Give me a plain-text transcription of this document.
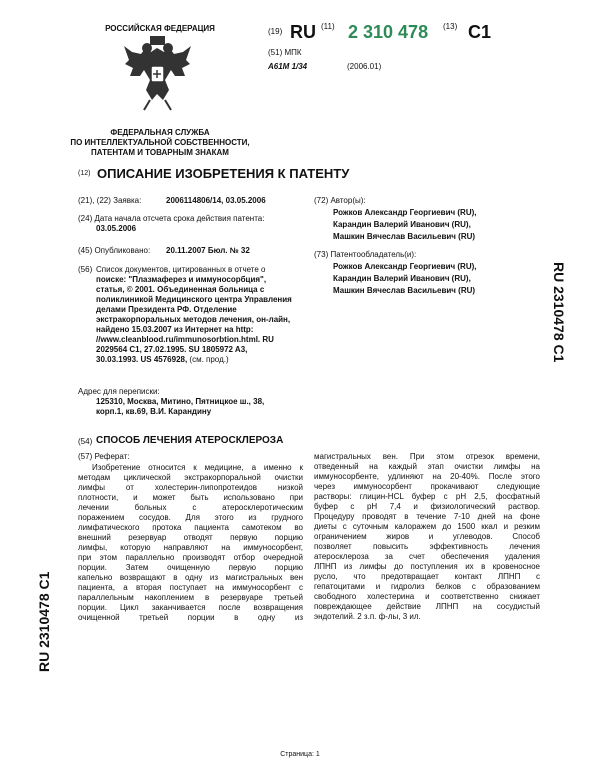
РОССИЙСКАЯ ФЕДЕРАЦИЯ	(19) RU (11) 2 310 478 (13) C1
(51) МПК
A61M 1/34	(2006.01)
ФЕДЕРАЛЬНАЯ СЛУЖБА
ПО ИНТЕЛЛЕКТУАЛЬНОЙ СОБСТВЕННОСТИ,
ПАТЕНТАМ И ТОВАРНЫМ ЗНАКАМ
(12) ОПИСАНИЕ ИЗОБРЕТЕНИЯ К ПАТЕНТУ
(21), (22) Заявка:	2006114806/14, 03.05.2006
(24) Дата начала отсчета срока действия патента:
03.05.2006
(45) Опубликовано: 20.11.2007 Бюл. № 32
(56) Список документов, цитированных в отчете о
поиске: "Плазмаферез и иммуносорбция",
статья, © 2001. Объединенная больница с
поликлиникой Медицинского центра Управления
делами Президента РФ. Отделение
экстракорпоральных методов лечения, он-лайн,
найдено 15.03.2007 из Интернет на http:
//www.cleanblood.ru/immunosorbtion.html. RU
2029564 C1, 27.02.1995. SU 1805972 A3,
30.03.1993. US 4576928, (см. прод.)
Адрес для переписки:
125310, Москва, Митино, Пятницкое ш., 38,
корп.1, кв.69, В.И. Карандину
(72) Автор(ы):
Рожков Александр Георгиевич (RU),
Карандин Валерий Иванович (RU),
Машкин Вячеслав Васильевич (RU)
(73) Патентообладатель(и):
Рожков Александр Георгиевич (RU),
Карандин Валерий Иванович (RU),
Машкин Вячеслав Васильевич (RU)	RU 2310478 C1
RU 2310478 C1
(54) СПОСОБ ЛЕЧЕНИЯ АТЕРОСКЛЕРОЗА
(57) Реферат:
Изобретение относится к медицине, а именно к
методам циклической экстракорпоральной очистки
лимфы от холестерин-липопротеидов низкой
плотности, и может быть использовано при
лечении больных с атеросклеротическим
поражением сосудов. Для этого из грудного
лимфатического протока пациента самотеком во
внешний резервуар отводят первую порцию
лимфы, которую направляют на иммуносорбент,
при этом параллельно производят отбор очередной
порции. Затем очищенную первую порцию
капельно возвращают в одну из магистральных вен
пациента, а вторая поступает на иммуносорбент с
параллельным накоплением в резервуаре третьей
порции. Цикл заканчивается после возвращения
очищенной третьей порции в одну из
магистральных вен. При этом отрезок времени,
отведенный на каждый этап очистки лимфы на
иммуносорбенте, удлиняют на 20-40%. После этого
через иммуносорбент прокачивают следующие
растворы: глицин-HCL буфер с pH 2,5, фосфатный
буфер с pH 7,4 и физиологический раствор.
Процедуру проводят в течение 7-10 дней на фоне
диеты с суточным калоражем до 1500 ккал и резким
ограничением жиров и углеводов. Способ
позволяет повысить эффективность лечения
атеросклероза за счет обеспечения удаления
ЛПНП из лимфы до поступления их в кровеносное
русло, что предотвращает контакт ЛПНП с
гепатоцитами и гидролиз белков с образованием
свободного холестерина и соответственно снижает
повреждающее действие ЛПНП на сосудистый
эндотелий. 2 з.п. ф-лы, 3 ил.
Страница: 1
